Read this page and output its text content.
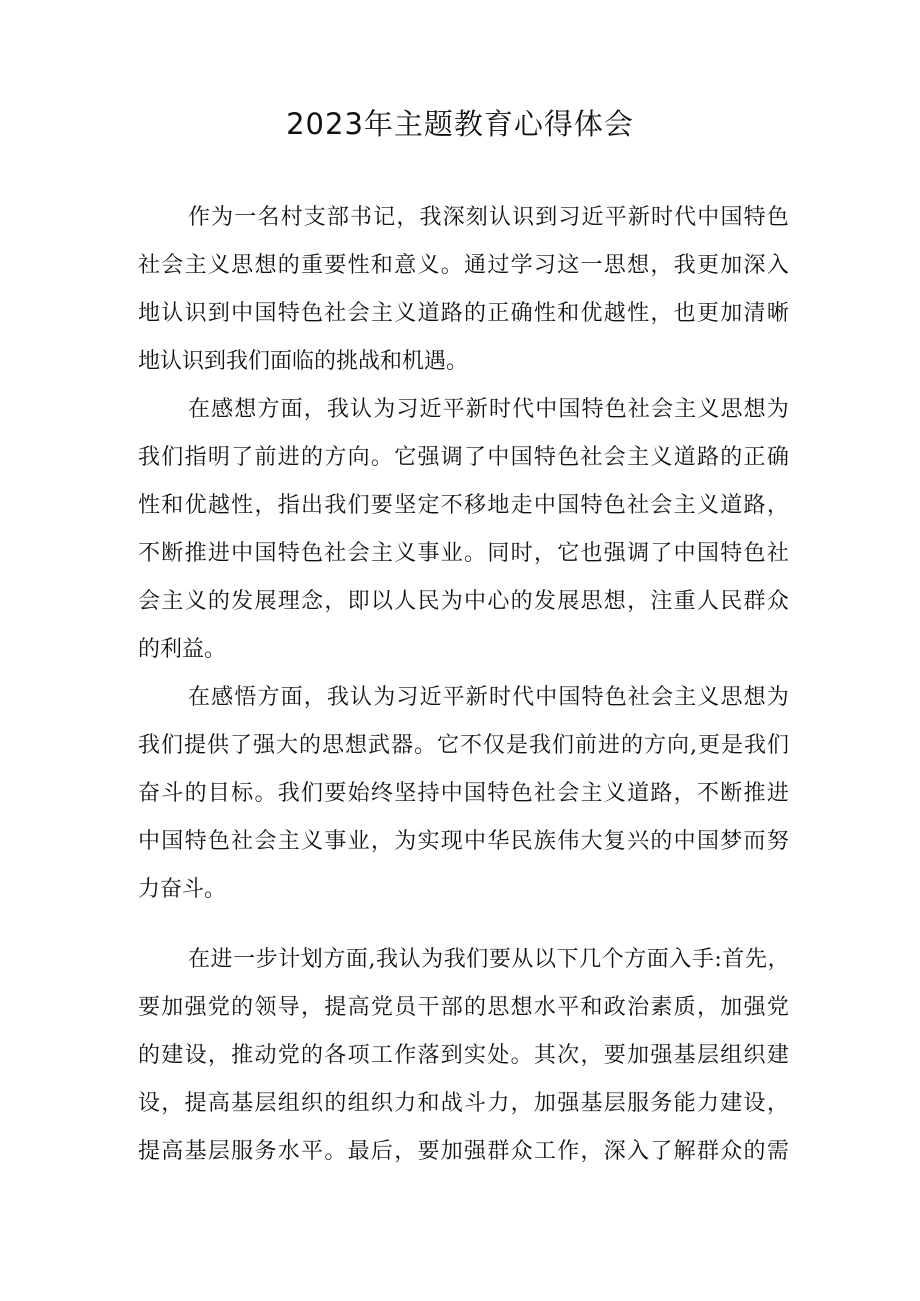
2023年主题教育心得体会
作为一名村支部书记，我深刻认识到习近平新时代中国特色
社会主义思想的重要性和意义。通过学习这一思想，我更加深入
地认识到中国特色社会主义道路的正确性和优越性，也更加清晰
地认识到我们面临的挑战和机遇。
在感想方面，我认为习近平新时代中国特色社会主义思想为
我们指明了前进的方向。它强调了中国特色社会主义道路的正确
性和优越性，指出我们要坚定不移地走中国特色社会主义道路，
不断推进中国特色社会主义事业。同时，它也强调了中国特色社
会主义的发展理念，即以人民为中心的发展思想，注重人民群众
的利益。
在感悟方面，我认为习近平新时代中国特色社会主义思想为
我们提供了强大的思想武器。它不仅是我们前进的方向,更是我们
奋斗的目标。我们要始终坚持中国特色社会主义道路，不断推进
中国特色社会主义事业，为实现中华民族伟大复兴的中国梦而努
力奋斗。
在进一步计划方面,我认为我们要从以下几个方面入手:首先，
要加强党的领导，提高党员干部的思想水平和政治素质，加强党
的建设，推动党的各项工作落到实处。其次，要加强基层组织建
设，提高基层组织的组织力和战斗力，加强基层服务能力建设，
提高基层服务水平。最后，要加强群众工作，深入了解群众的需
